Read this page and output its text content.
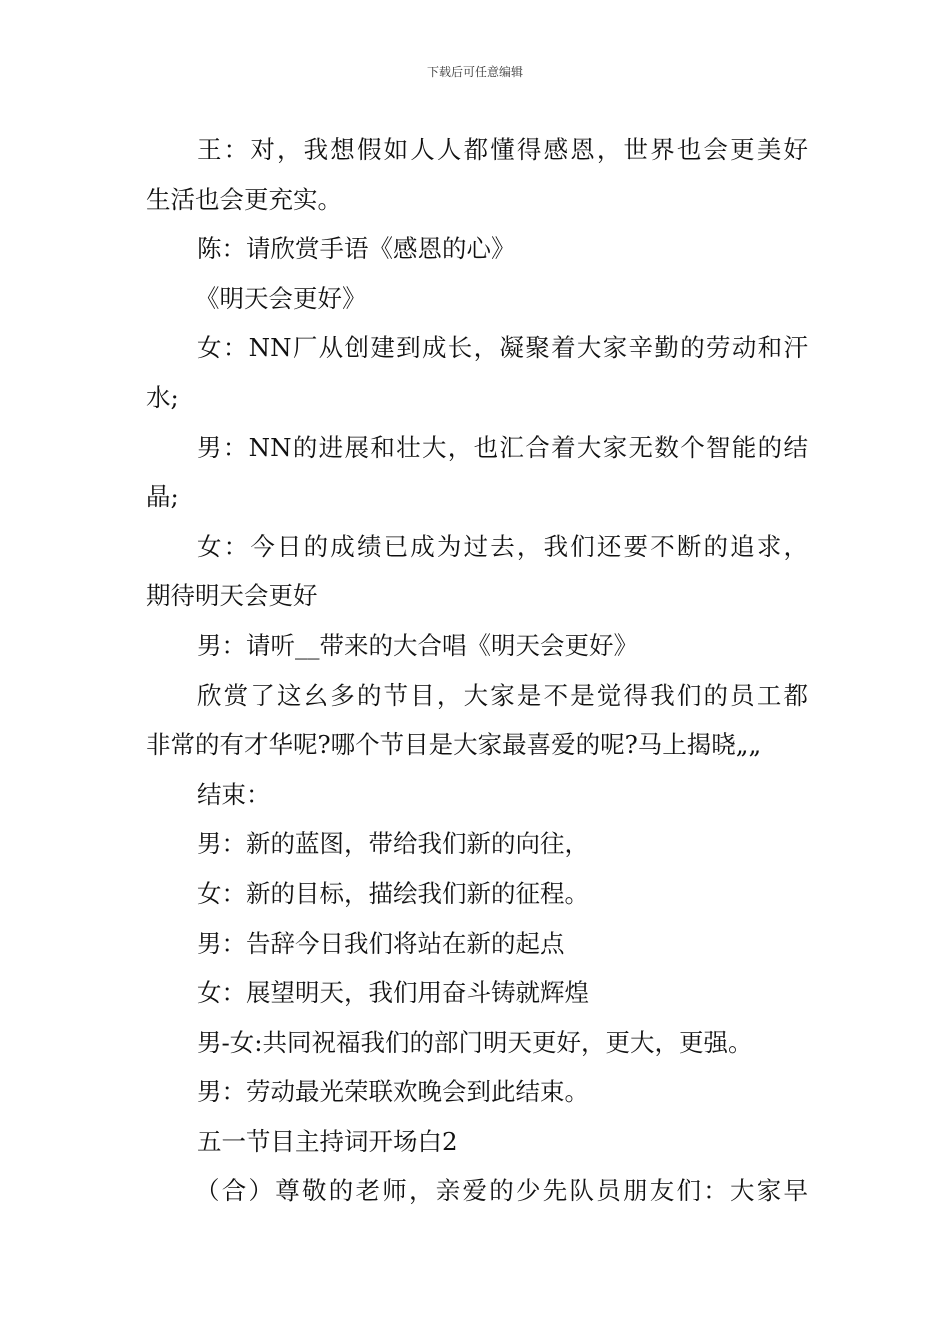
下载后可任意编辑
王：对，我想假如人人都懂得感恩，世界也会更美好
生活也会更充实。
陈：请欣赏手语《感恩的心》
《明天会更好》
女：NN厂从创建到成长，凝聚着大家辛勤的劳动和汗
水;
男：NN的进展和壮大，也汇合着大家无数个智能的结
晶;
女：今日的成绩已成为过去，我们还要不断的追求，
期待明天会更好
男：请听__带来的大合唱《明天会更好》
欣赏了这幺多的节目，大家是不是觉得我们的员工都
非常的有才华呢?哪个节目是大家最喜爱的呢?马上揭晓„„
结束：
男：新的蓝图，带给我们新的向往，
女：新的目标，描绘我们新的征程。
男：告辞今日我们将站在新的起点
女：展望明天，我们用奋斗铸就辉煌
男-女:共同祝福我们的部门明天更好，更大，更强。
男：劳动最光荣联欢晚会到此结束。
五一节目主持词开场白2
（合）尊敬的老师，亲爱的少先队员朋友们：大家早
